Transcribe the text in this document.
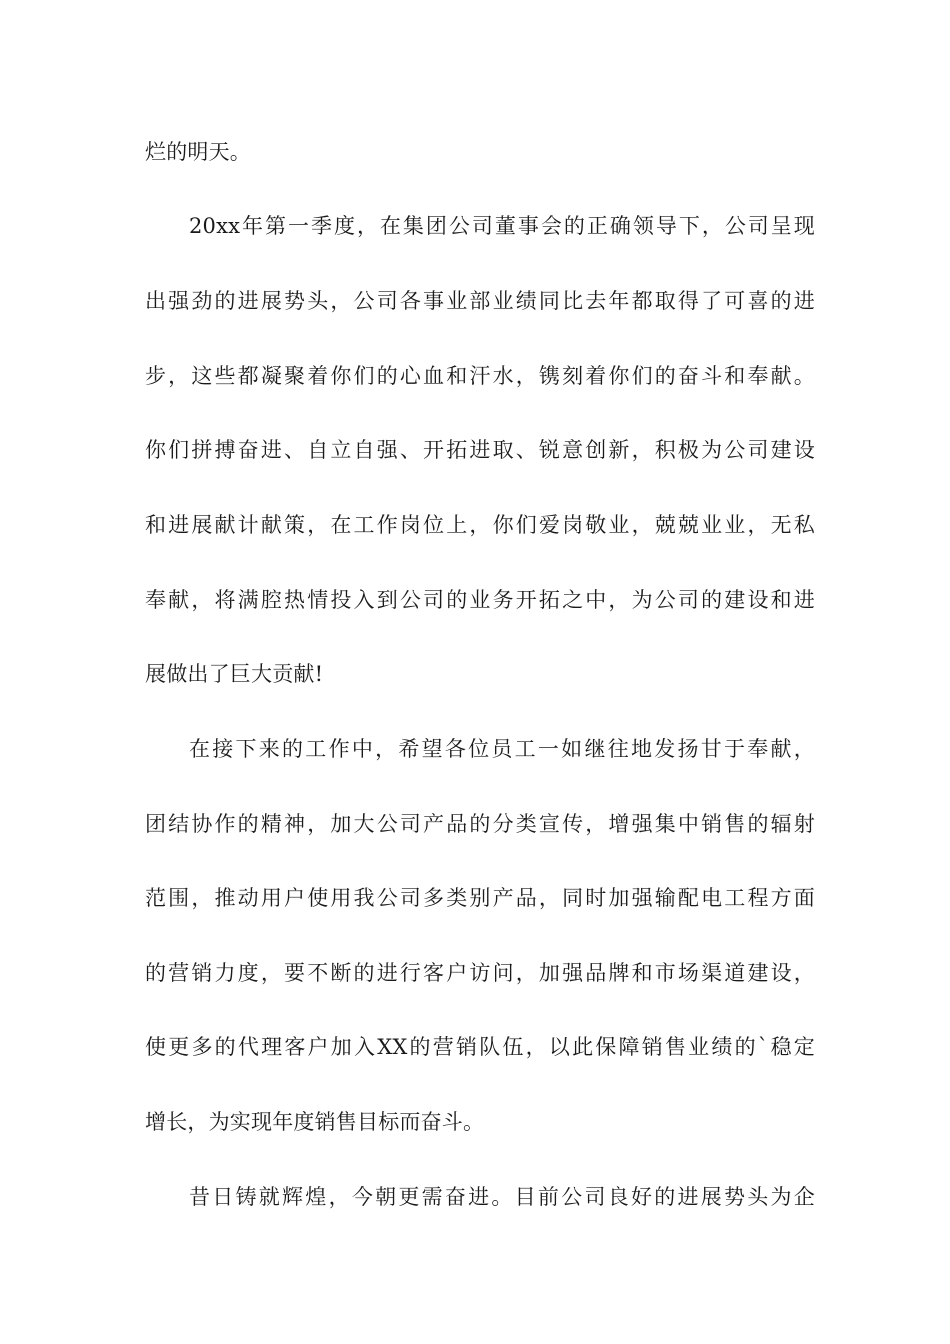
烂的明天。
20xx年第一季度，在集团公司董事会的正确领导下，公司呈现
出强劲的进展势头，公司各事业部业绩同比去年都取得了可喜的进
步，这些都凝聚着你们的心血和汗水，镌刻着你们的奋斗和奉献。
你们拼搏奋进、自立自强、开拓进取、锐意创新，积极为公司建设
和进展献计献策，在工作岗位上，你们爱岗敬业，兢兢业业，无私
奉献，将满腔热情投入到公司的业务开拓之中，为公司的建设和进
展做出了巨大贡献!
在接下来的工作中，希望各位员工一如继往地发扬甘于奉献，
团结协作的精神，加大公司产品的分类宣传，增强集中销售的辐射
范围，推动用户使用我公司多类别产品，同时加强输配电工程方面
的营销力度，要不断的进行客户访问，加强品牌和市场渠道建设，
使更多的代理客户加入XX的营销队伍，以此保障销售业绩的`稳定
增长，为实现年度销售目标而奋斗。
昔日铸就辉煌，今朝更需奋进。目前公司良好的进展势头为企
